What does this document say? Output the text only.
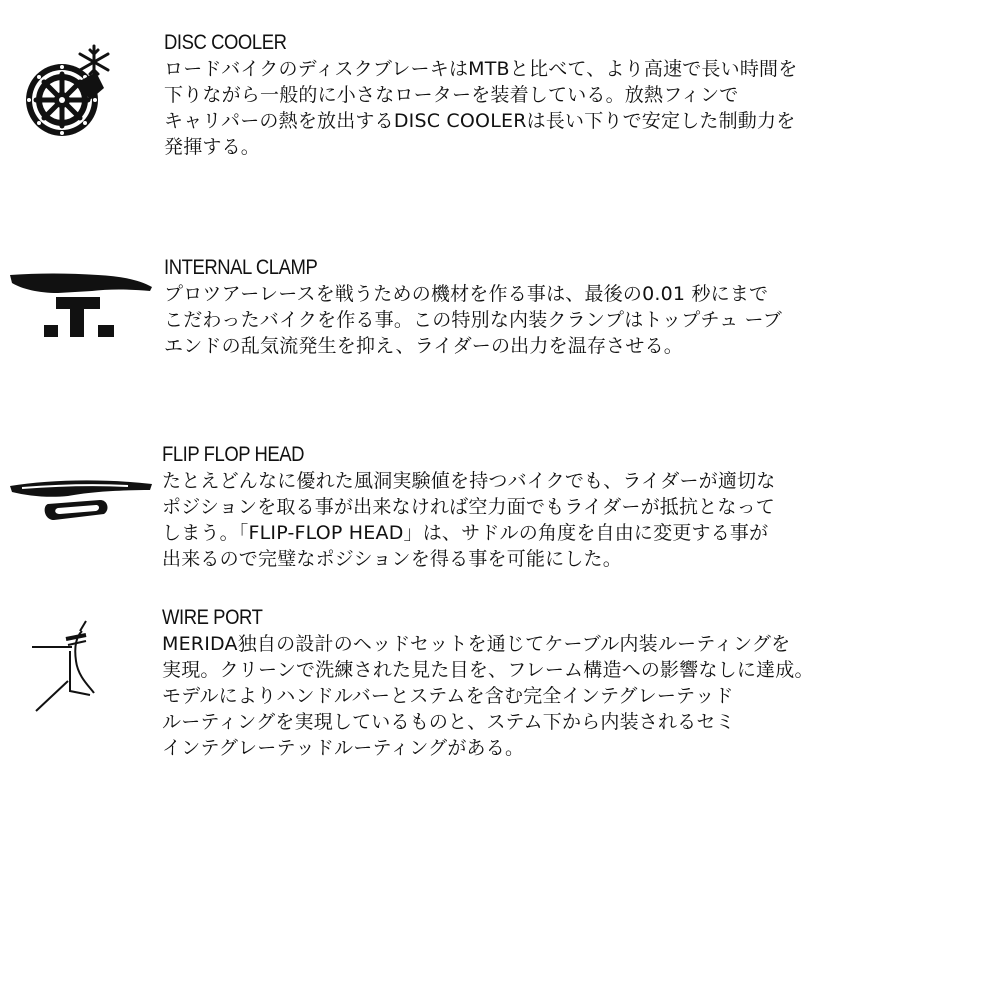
DISC COOLER

ロードバイクのディスクブレーキはMTBと比べて、より高速で長い時間を

下りながら一般的に小さなローターを装着している。放熱フィンで

キャリパーの熱を放出するDISC COOLERは長い下りで安定した制動力を

発揮する。

INTERNAL CLAMP

プロツアーレースを戦うための機材を作る事は、最後の0.01 秒にまで

こだわったバイクを作る事。この特別な内装クランプはトップチュ ーブ

エンドの乱気流発生を抑え、ライダーの出力を温存させる。

FLIP FLOP HEAD

たとえどんなに優れた風洞実験値を持つバイクでも、ライダーが適切な

ポジションを取る事が出来なければ空力面でもライダーが抵抗となって

しまう。「FLIP-FLOP HEAD」は、サドルの角度を自由に変更する事が

出来るので完璧なポジションを得る事を可能にした。

WIRE PORT

MERIDA独自の設計のヘッドセットを通じてケーブル内装ルーティングを

実現。クリーンで洗練された見た目を、フレーム構造への影響なしに達成。

モデルによりハンドルバーとステムを含む完全インテグレーテッド

ルーティングを実現しているものと、ステム下から内装されるセミ

インテグレーテッドルーティングがある。
